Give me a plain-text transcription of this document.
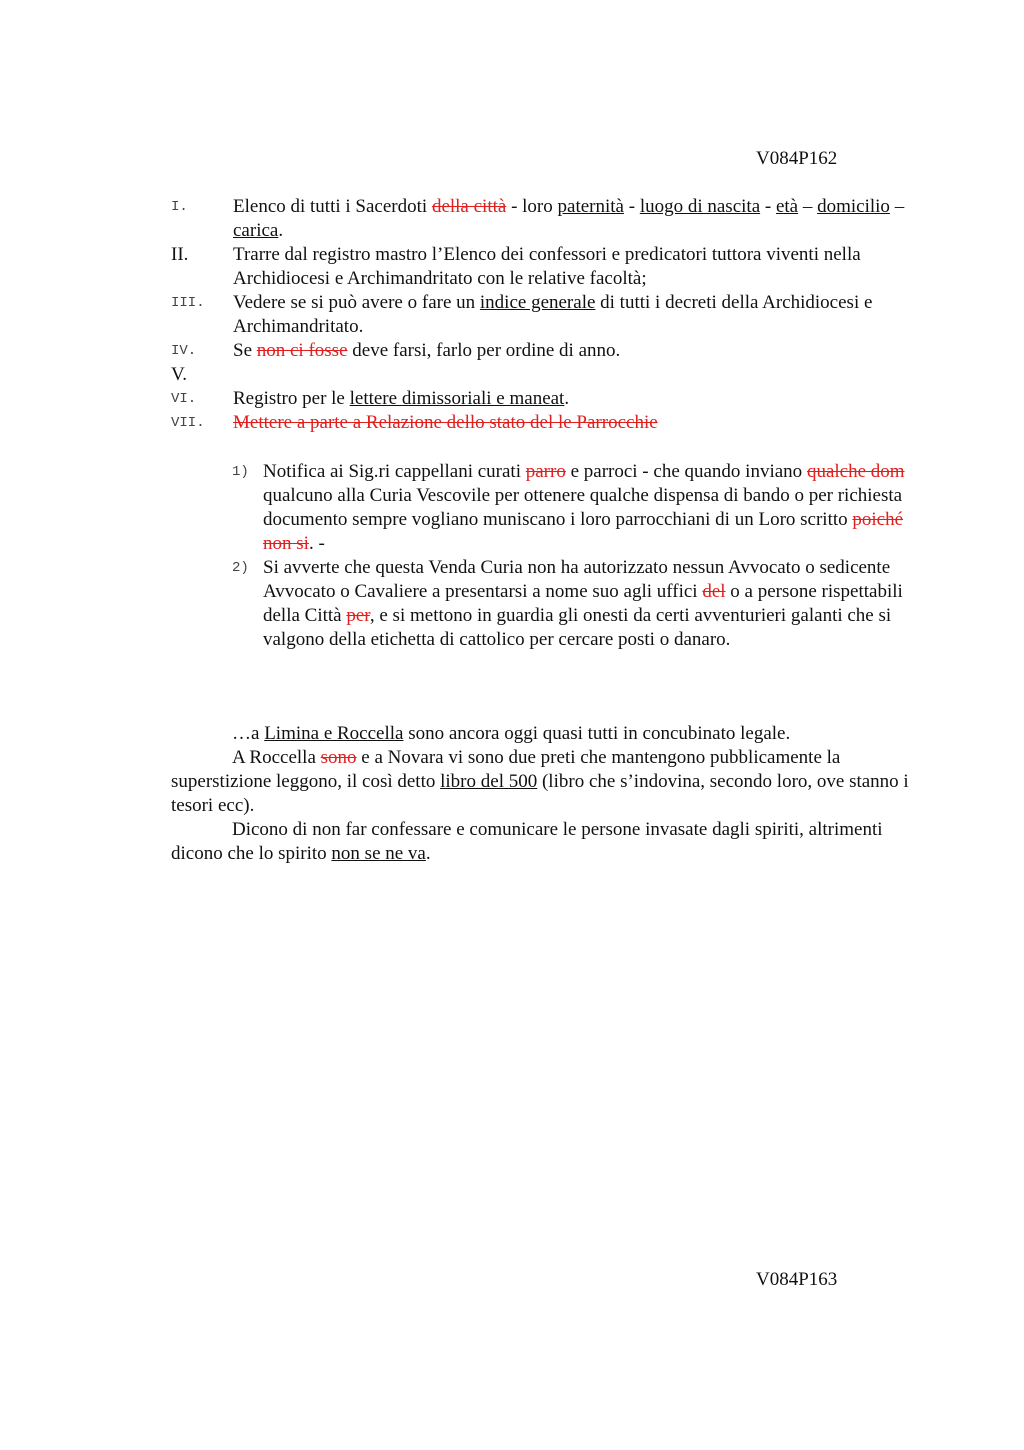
V084P162
I.	Elenco di tutti i Sacerdoti della città - loro paternità - luogo di nascita - età – domicilio – carica.
II.	Trarre dal registro mastro l’Elenco dei confessori e predicatori tuttora viventi nella Archidiocesi e Archimandritato con le relative facoltà;
III.	Vedere se si può avere o fare un indice generale di tutti i decreti della Archidiocesi e Archimandritato.
IV.	Se non ci fosse deve farsi, farlo per ordine di anno.
V.
VI.	Registro per le lettere dimissoriali e maneat.
VII.	Mettere a parte a Relazione dello stato del le Parrocchie
1) Notifica ai Sig.ri cappellani curati parro e parroci - che quando inviano qualche dom qualcuno alla Curia Vescovile per ottenere qualche dispensa di bando o per richiesta documento sempre vogliano muniscano i loro parrocchiani di un Loro scritto poiché non si. -
2) Si avverte che questa Venda Curia non ha autorizzato nessun Avvocato o sedicente Avvocato o Cavaliere a presentarsi a nome suo agli uffici del o a persone rispettabili della Città per, e si mettono in guardia gli onesti da certi avventurieri galanti che si valgono della etichetta di cattolico per cercare posti o danaro.

…a Limina e Roccella sono ancora oggi quasi tutti in concubinato legale.

A Roccella sono e a Novara vi sono due preti che mantengono pubblicamente la superstizione leggono, il così detto libro del 500 (libro che s’indovina, secondo loro, ove stanno i tesori ecc).

Dicono di non far confessare e comunicare le persone invasate dagli spiriti, altrimenti dicono che lo spirito non se ne va.

V084P163
